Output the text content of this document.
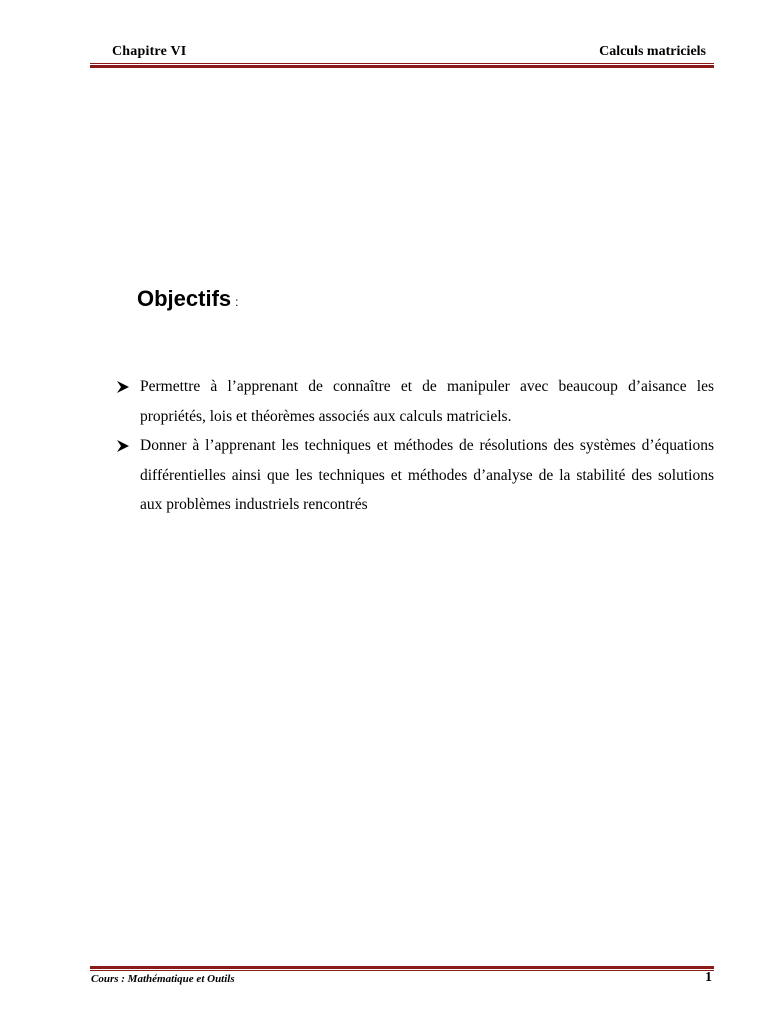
Chapitre VI	Calculs matriciels
Objectifs :
Permettre à l’apprenant de connaître et de manipuler avec beaucoup d’aisance les propriétés, lois et théorèmes associés aux calculs matriciels.
Donner à l’apprenant les techniques et méthodes de résolutions des systèmes d’équations différentielles ainsi que les techniques et méthodes d’analyse de la stabilité des solutions aux problèmes industriels rencontrés
Cours : Mathématique et Outils	1
